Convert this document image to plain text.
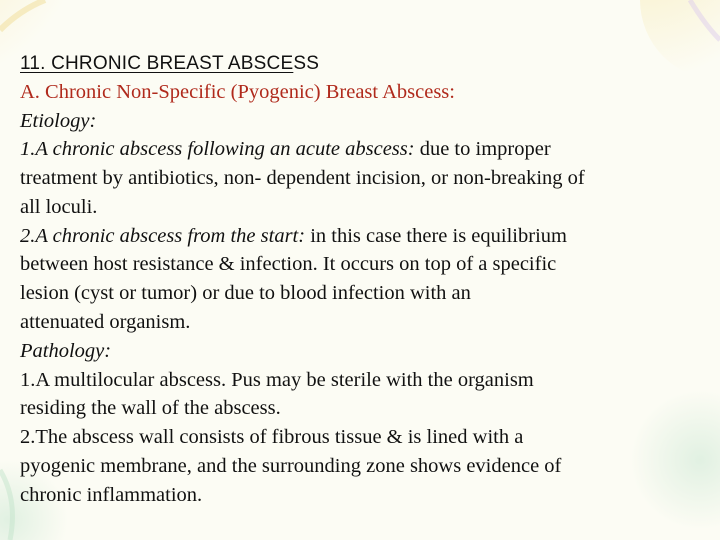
11. CHRONIC BREAST ABSCESS

A. Chronic Non-Specific (Pyogenic) Breast Abscess:

Etiology:

1.A chronic abscess following an acute abscess: due to improper

treatment by antibiotics, non- dependent incision, or non-breaking of

all loculi.

2.A chronic abscess from the start: in this case there is equilibrium

between host resistance & infection. It occurs on top of a specific

lesion (cyst or tumor) or due to blood infection with an

attenuated organism.

Pathology:

1.A multilocular abscess. Pus may be sterile with the organism

residing the wall of the abscess.

2.The abscess wall consists of fibrous tissue & is lined with a

pyogenic membrane, and the surrounding zone shows evidence of

chronic inflammation.
